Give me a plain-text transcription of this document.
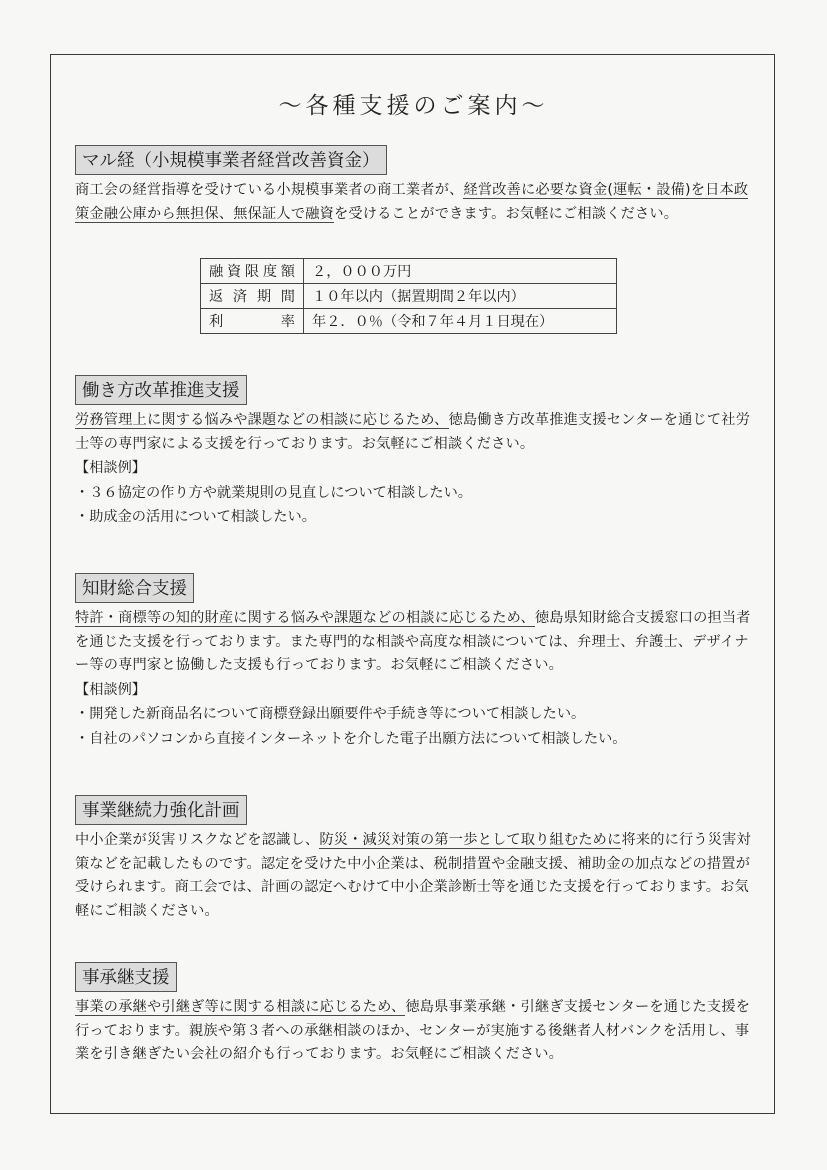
～各種支援のご案内～
マル経（小規模事業者経営改善資金）
商工会の経営指導を受けている小規模事業者の商工業者が、経営改善に必要な資金(運転・設備)を日本政策金融公庫から無担保、無保証人で融資を受けることができます。お気軽にご相談ください。
融資限度額	２，０００万円
返済期間	１０年以内（据置期間２年以内）
利率	年２．０％（令和７年４月１日現在）
働き方改革推進支援
労務管理上に関する悩みや課題などの相談に応じるため、徳島働き方改革推進支援センターを通じて社労士等の専門家による支援を行っております。お気軽にご相談ください。
【相談例】
・ ３６協定の作り方や就業規則の見直しについて相談したい。
・ 助成金の活用について相談したい。
知財総合支援
特許・商標等の知的財産に関する悩みや課題などの相談に応じるため、徳島県知財総合支援窓口の担当者を通じた支援を行っております。また専門的な相談や高度な相談については、弁理士、弁護士、デザイナー等の専門家と協働した支援も行っております。お気軽にご相談ください。
【相談例】
・ 開発した新商品名について商標登録出願要件や手続き等について相談したい。
・ 自社のパソコンから直接インターネットを介した電子出願方法について相談したい。
事業継続力強化計画
中小企業が災害リスクなどを認識し、防災・減災対策の第一歩として取り組むために将来的に行う災害対策などを記載したものです。認定を受けた中小企業は、税制措置や金融支援、補助金の加点などの措置が受けられます。商工会では、計画の認定へむけて中小企業診断士等を通じた支援を行っております。お気軽にご相談ください。
事承継支援
事業の承継や引継ぎ等に関する相談に応じるため、徳島県事業承継・引継ぎ支援センターを通じた支援を行っております。親族や第３者への承継相談のほか、センターが実施する後継者人材バンクを活用し、事業を引き継ぎたい会社の紹介も行っております。お気軽にご相談ください。
